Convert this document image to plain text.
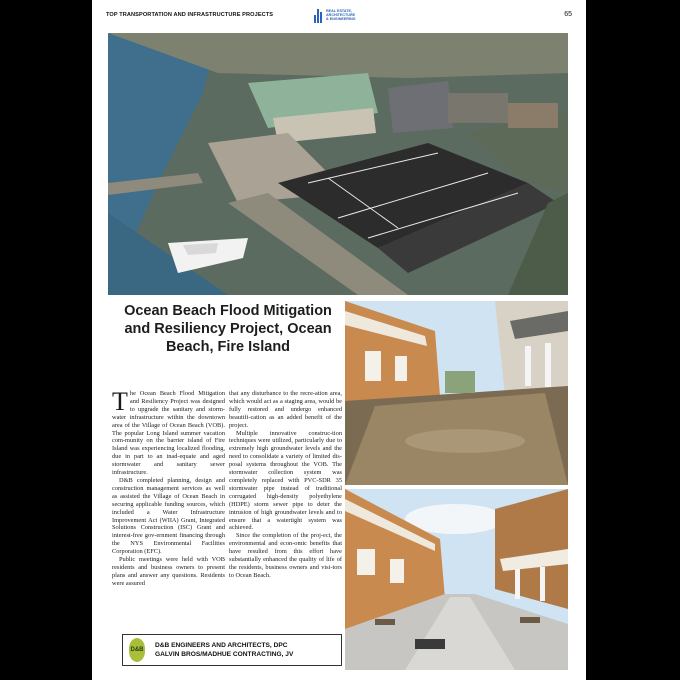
TOP TRANSPORTATION AND INFRASTRUCTURE PROJECTS
REAL ESTATE,
ARCHITECTURE
& ENGINEERING
65
Ocean Beach Flood Mitigation and Resiliency Project, Ocean Beach, Fire Island

The Ocean Beach Flood Mitigation and Resiliency Project was designed to upgrade the sanitary and storm-water infrastructure within the downtown area of the Village of Ocean Beach (VOB). The popular Long Island summer vacation com-munity on the barrier island of Fire Island was experiencing localized flooding, due in part to an inad-equate and aged stormwater and sanitary sewer infrastructure.

D&B completed planning, design and construction management services as well as assisted the Village of Ocean Beach in securing applicable funding sources, which included a Water Infrastructure Improvement Act (WIIA) Grant, Integrated Solutions Construction (ISC) Grant and interest-free gov-ernment financing through the NYS Environmental Facilities Corporation (EFC).

Public meetings were held with VOB residents and business owners to present plans and answer any questions. Residents were assured

that any disturbance to the recre-ation area, which would act as a staging area, would be fully restored and undergo enhanced beautifi-cation as an added benefit of the project.

Multiple innovative construc-tion techniques were utilized, particularly due to extremely high groundwater levels and the need to consolidate a variety of limited dis-posal systems throughout the VOB. The stormwater collection system was completely replaced with PVC-SDR 35 stormwater pipe instead of traditional corrugated high-density polyethylene (HDPE) storm sewer pipe to deter the intrusion of high groundwater levels and to ensure that a watertight system was achieved.

Since the completion of the proj-ect, the environmental and econ-omic benefits that have resulted from this effort have substantially enhanced the quality of life of the residents, business owners and visi-tors to Ocean Beach.

D&B
D&B ENGINEERS AND ARCHITECTS, DPC
GALVIN BROS/MADHUE CONTRACTING, JV
